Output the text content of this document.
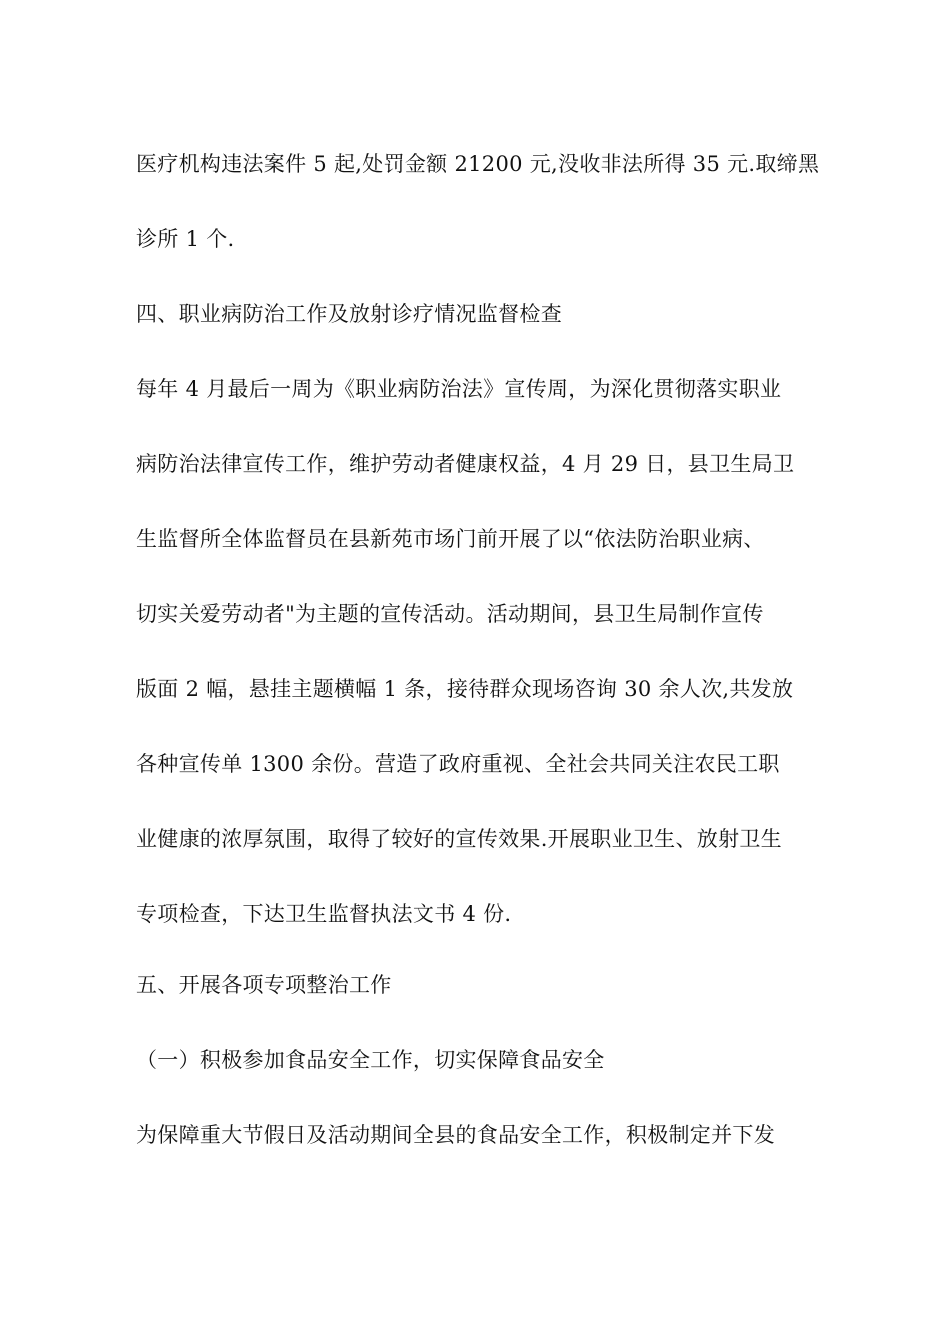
医疗机构违法案件 5 起,处罚金额 21200 元,没收非法所得 35 元.取缔黑
诊所 1 个.
四、职业病防治工作及放射诊疗情况监督检查
每年 4 月最后一周为《职业病防治法》宣传周，为深化贯彻落实职业
病防治法律宣传工作，维护劳动者健康权益，4 月 29 日，县卫生局卫
生监督所全体监督员在县新苑市场门前开展了以“依法防治职业病、
切实关爱劳动者"为主题的宣传活动。活动期间，县卫生局制作宣传
版面 2 幅，悬挂主题横幅 1 条，接待群众现场咨询 30 余人次,共发放
各种宣传单 1300 余份。营造了政府重视、全社会共同关注农民工职
业健康的浓厚氛围，取得了较好的宣传效果.开展职业卫生、放射卫生
专项检查，下达卫生监督执法文书 4 份.
五、开展各项专项整治工作
（一）积极参加食品安全工作，切实保障食品安全
为保障重大节假日及活动期间全县的食品安全工作，积极制定并下发
